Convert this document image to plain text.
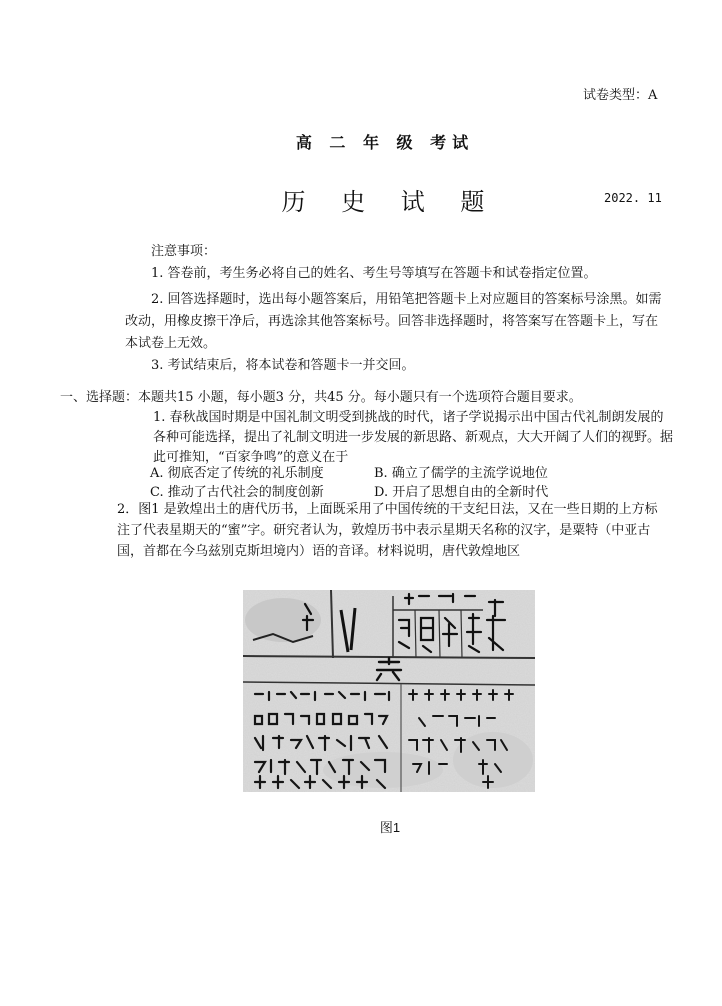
试卷类型：A
高 二 年 级 考试
历 史 试 题	2022. 11
注意事项：
1. 答卷前，考生务必将自己的姓名、考生号等填写在答题卡和试卷指定位置。
2. 回答选择题时，选出每小题答案后，用铅笔把答题卡上对应题目的答案标号涂黑。如需改动，用橡皮擦干净后，再选涂其他答案标号。回答非选择题时，将答案写在答题卡上，写在本试卷上无效。
3. 考试结束后，将本试卷和答题卡一并交回。
一、选择题：本题共15 小题，每小题3 分，共45 分。每小题只有一个选项符合题目要求。
1. 春秋战国时期是中国礼制文明受到挑战的时代，诸子学说揭示出中国古代礼制朗发展的各种可能选择，提出了礼制文明进一步发展的新思路、新观点，大大开阔了人们的视野。据此可推知，“百家争鸣”的意义在于
A. 彻底否定了传统的礼乐制度	B. 确立了儒学的主流学说地位
C. 推动了古代社会的制度创新	D. 开启了思想自由的全新时代
2．图1 是敦煌出土的唐代历书，上面既采用了中国传统的干支纪日法，又在一些日期的上方标注了代表星期天的“蜜”字。研究者认为，敦煌历书中表示星期天名称的汉字，是粟特（中亚古国，首都在今乌兹别克斯坦境内）语的音译。材料说明，唐代敦煌地区
图1
